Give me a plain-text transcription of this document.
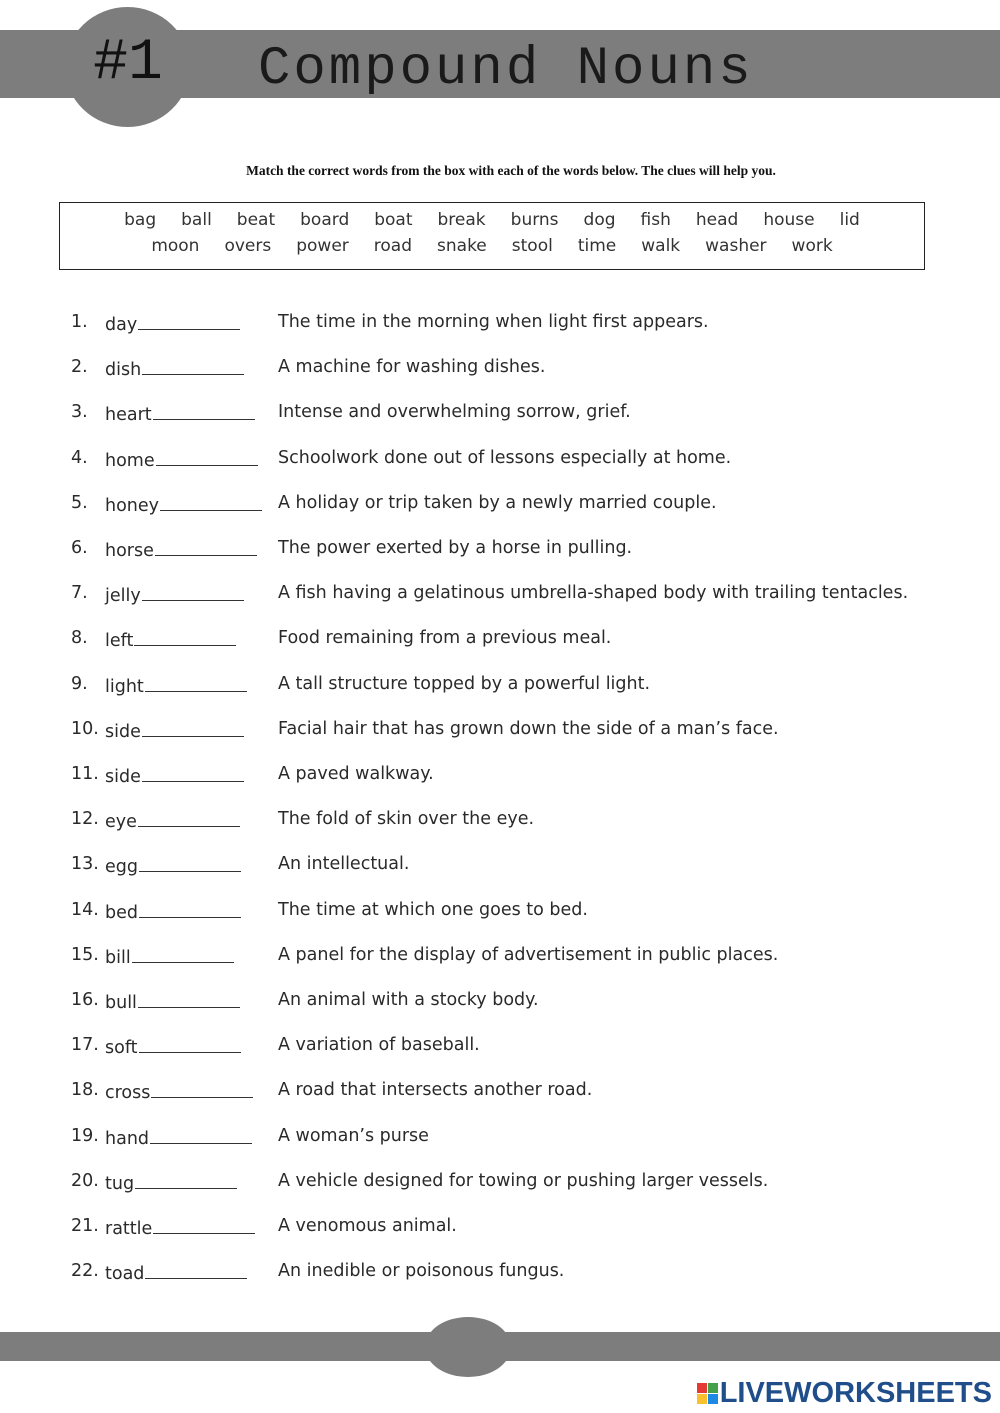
#1 Compound Nouns
Match the correct words from the box with each of the words below. The clues will help you.
bag	ball	beat	board	boat	break	burns	dog	fish	head	house	lid
moon	overs	power	road	snake	stool	time	walk	washer	work
1. day	The time in the morning when light first appears.
2. dish	A machine for washing dishes.
3. heart	Intense and overwhelming sorrow, grief.
4. home	Schoolwork done out of lessons especially at home.
5. honey	A holiday or trip taken by a newly married couple.
6. horse	The power exerted by a horse in pulling.
7. jelly	A fish having a gelatinous umbrella-shaped body with trailing tentacles.
8. left	Food remaining from a previous meal.
9. light	A tall structure topped by a powerful light.
10. side	Facial hair that has grown down the side of a man’s face.
11. side	A paved walkway.
12. eye	The fold of skin over the eye.
13. egg	An intellectual.
14. bed	The time at which one goes to bed.
15. bill	A panel for the display of advertisement in public places.
16. bull	An animal with a stocky body.
17. soft	A variation of baseball.
18. cross	A road that intersects another road.
19. hand	A woman’s purse
20. tug	A vehicle designed for towing or pushing larger vessels.
21. rattle	A venomous animal.
22. toad	An inedible or poisonous fungus.
LIVEWORKSHEETS
